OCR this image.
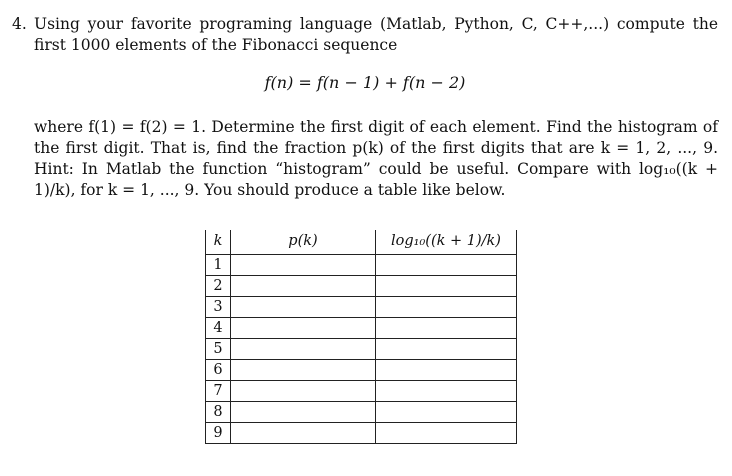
4. Using your favorite programing language (Matlab, Python, C, C++,...) compute the first 1000 elements of the Fibonacci sequence
f(n) = f(n − 1) + f(n − 2)
where f(1) = f(2) = 1. Determine the first digit of each element. Find the histogram of the first digit. That is, find the fraction p(k) of the first digits that are k = 1, 2, ..., 9. Hint: In Matlab the function “histogram” could be useful. Compare with log₁₀((k + 1)/k), for k = 1, ..., 9. You should produce a table like below.
k	p(k)	log₁₀((k + 1)/k)
1		
2		
3		
4		
5		
6		
7		
8		
9		
